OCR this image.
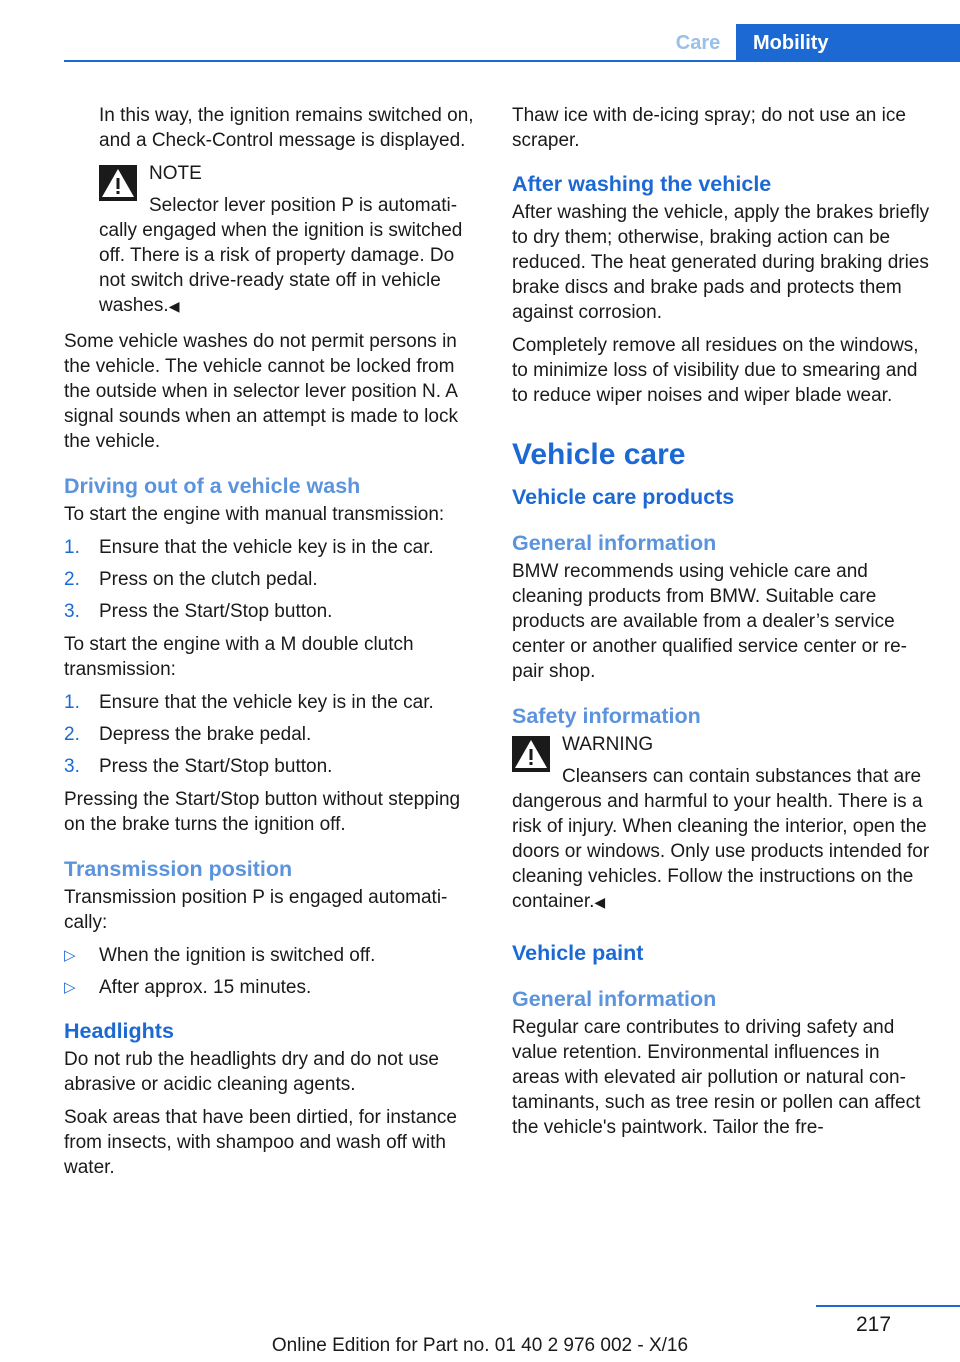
Care	Mobility

In this way, the ignition remains switched on, and a Check-Control message is displayed.

NOTE
Selector lever position P is automatically engaged when the ignition is switched off. There is a risk of property damage. Do not switch drive-ready state off in vehicle washes.◀

Some vehicle washes do not permit persons in the vehicle. The vehicle cannot be locked from the outside when in selector lever position N. A signal sounds when an attempt is made to lock the vehicle.

Driving out of a vehicle wash

To start the engine with manual transmission:

1. Ensure that the vehicle key is in the car.
2. Press on the clutch pedal.
3. Press the Start/Stop button.

To start the engine with a M double clutch transmission:

1. Ensure that the vehicle key is in the car.
2. Depress the brake pedal.
3. Press the Start/Stop button.

Pressing the Start/Stop button without stepping on the brake turns the ignition off.

Transmission position

Transmission position P is engaged automatically:

▷ When the ignition is switched off.
▷ After approx. 15 minutes.
Headlights

Do not rub the headlights dry and do not use abrasive or acidic cleaning agents.

Soak areas that have been dirtied, for instance from insects, with shampoo and wash off with water.

Thaw ice with de-icing spray; do not use an ice scraper.

After washing the vehicle

After washing the vehicle, apply the brakes briefly to dry them; otherwise, braking action can be reduced. The heat generated during braking dries brake discs and brake pads and protects them against corrosion.

Completely remove all residues on the windows, to minimize loss of visibility due to smearing and to reduce wiper noises and wiper blade wear.

Vehicle care
Vehicle care products
General information

BMW recommends using vehicle care and cleaning products from BMW. Suitable care products are available from a dealer’s service center or another qualified service center or repair shop.

Safety information
WARNING
Cleansers can contain substances that are dangerous and harmful to your health. There is a risk of injury. When cleaning the interior, open the doors or windows. Only use products intended for cleaning vehicles. Follow the instructions on the container.◀
Vehicle paint
General information

Regular care contributes to driving safety and value retention. Environmental influences in areas with elevated air pollution or natural contaminants, such as tree resin or pollen can affect the vehicle's paintwork. Tailor the fre-

217
Online Edition for Part no. 01 40 2 976 002 - X/16
